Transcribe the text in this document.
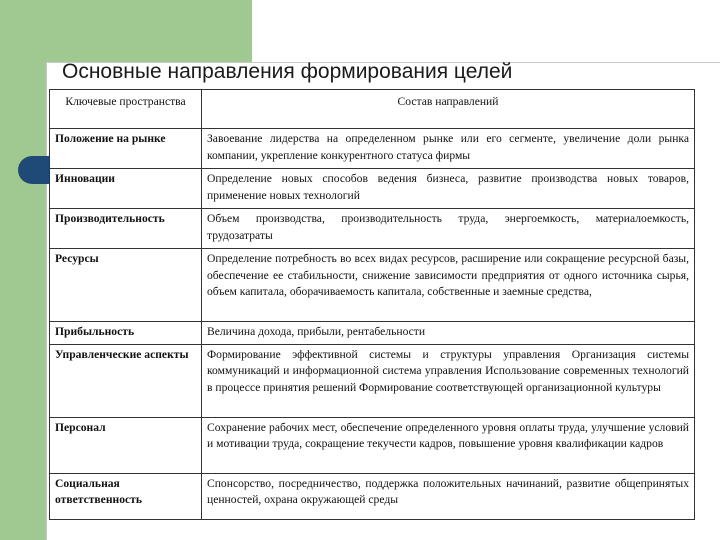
Основные направления формирования целей
Ключевые пространства	Состав направлений
Положение на рынке	Завоевание лидерства на определенном рынке или его сегменте, увеличение доли рынка компании, укрепление конкурентного статуса фирмы
Инновации	Определение новых способов ведения бизнеса, развитие производства новых товаров, применение новых технологий
Производительность	Объем производства, производительность труда, энергоемкость, материалоемкость, трудозатраты
Ресурсы	Определение потребность во всех видах ресурсов, расширение или сокращение ресурсной базы, обеспечение ее стабильности, снижение зависимости предприятия от одного источника сырья, объем капитала, оборачиваемость капитала, собственные и заемные средства,
Прибыльность	Величина дохода, прибыли, рентабельности
Управленческие аспекты	Формирование эффективной системы и структуры управления Организация системы коммуникаций и информационной система управления Использование современных технологий в процессе принятия решений Формирование соответствующей организационной культуры
Персонал	Сохранение рабочих мест, обеспечение определенного уровня оплаты труда, улучшение условий и мотивации труда, сокращение текучести кадров, повышение уровня квалификации кадров
Социальная ответственность	Спонсорство, посредничество, поддержка положительных начинаний, развитие общепринятых ценностей, охрана окружающей среды
